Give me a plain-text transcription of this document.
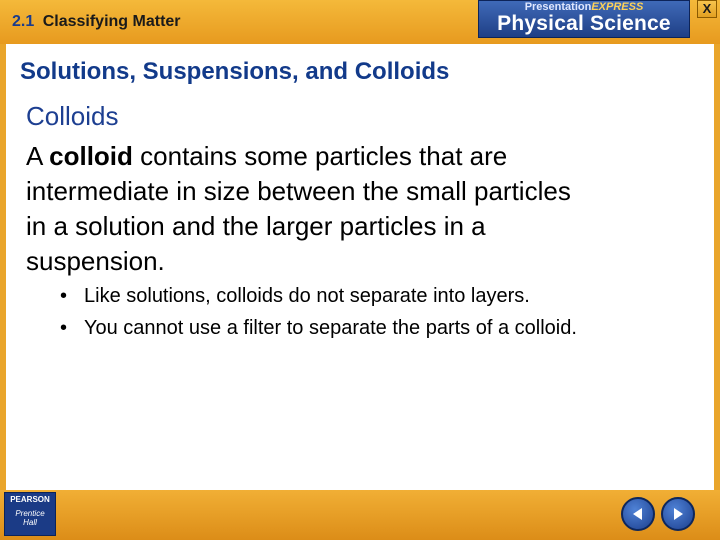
2.1 Classifying Matter
PresentationEXPRESS
Physical Science
X
Solutions, Suspensions, and Colloids
Colloids
A colloid contains some particles that are intermediate in size between the small particles in a solution and the larger particles in a suspension.
• Like solutions, colloids do not separate into layers.
• You cannot use a filter to separate the parts of a colloid.
PEARSON
Prentice
Hall
